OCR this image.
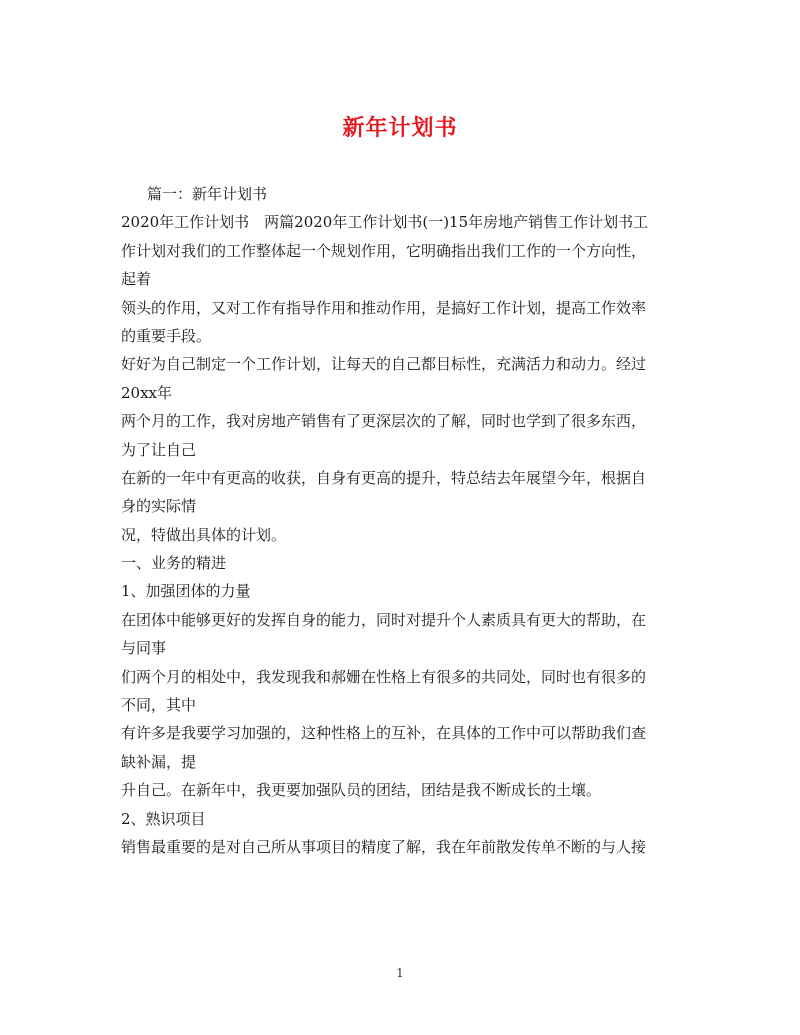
新年计划书
篇一：新年计划书
2020年工作计划书　两篇2020年工作计划书(一)15年房地产销售工作计划书工
作计划对我们的工作整体起一个规划作用，它明确指出我们工作的一个方向性，
起着
领头的作用，又对工作有指导作用和推动作用，是搞好工作计划，提高工作效率
的重要手段。
好好为自己制定一个工作计划，让每天的自己都目标性，充满活力和动力。经过
20xx年
两个月的工作，我对房地产销售有了更深层次的了解，同时也学到了很多东西，
为了让自己
在新的一年中有更高的收获，自身有更高的提升，特总结去年展望今年，根据自
身的实际情
况，特做出具体的计划。
一、业务的精进
1、加强团体的力量
在团体中能够更好的发挥自身的能力，同时对提升个人素质具有更大的帮助，在
与同事
们两个月的相处中，我发现我和郝姗在性格上有很多的共同处，同时也有很多的
不同，其中
有许多是我要学习加强的，这种性格上的互补，在具体的工作中可以帮助我们查
缺补漏，提
升自己。在新年中，我更要加强队员的团结，团结是我不断成长的土壤。
2、熟识项目
销售最重要的是对自己所从事项目的精度了解，我在年前散发传单不断的与人接
1
